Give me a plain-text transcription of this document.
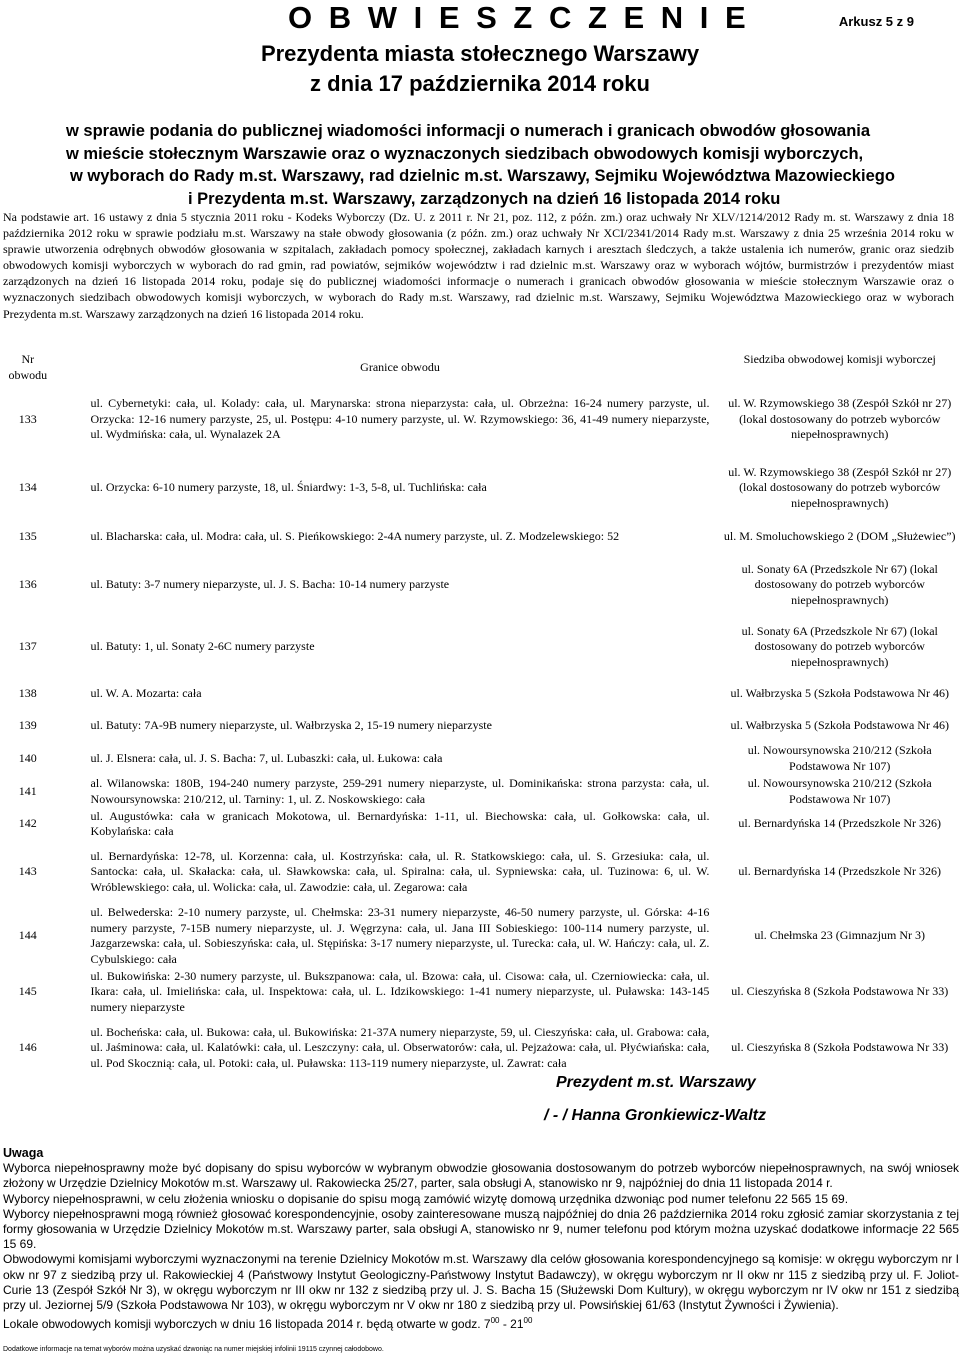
O B W I E S Z C Z E N I E	Arkusz 5 z 9
Prezydenta miasta stołecznego Warszawy
z dnia 17 października 2014 roku
w sprawie podania do publicznej wiadomości informacji o numerach i granicach obwodów głosowania
w mieście stołecznym Warszawie oraz o wyznaczonych siedzibach obwodowych komisji wyborczych,
w wyborach do Rady m.st. Warszawy, rad dzielnic m.st. Warszawy, Sejmiku Województwa Mazowieckiego
i Prezydenta m.st. Warszawy, zarządzonych na dzień 16 listopada 2014 roku
Na podstawie art. 16 ustawy z dnia 5 stycznia 2011 roku - Kodeks Wyborczy (Dz. U. z 2011 r. Nr 21, poz. 112, z późn. zm.) oraz uchwały Nr XLV/1214/2012 Rady m. st. Warszawy z dnia 18 października 2012 roku w sprawie podziału m.st. Warszawy na stałe obwody głosowania (z późn. zm.) oraz uchwały Nr XCI/2341/2014 Rady m.st. Warszawy z dnia 25 września 2014 roku w sprawie utworzenia odrębnych obwodów głosowania w szpitalach, zakładach pomocy społecznej, zakładach karnych i aresztach śledczych, a także ustalenia ich numerów, granic oraz siedzib obwodowych komisji wyborczych w wyborach do rad gmin, rad powiatów, sejmików województw i rad dzielnic m.st. Warszawy oraz w wyborach wójtów, burmistrzów i prezydentów miast zarządzonych na dzień 16 listopada 2014 roku, podaje się do publicznej wiadomości informacje o numerach i granicach obwodów głosowania w mieście stołecznym Warszawie oraz o wyznaczonych siedzibach obwodowych komisji wyborczych, w wyborach do Rady m.st. Warszawy, rad dzielnic m.st. Warszawy, Sejmiku Województwa Mazowieckiego oraz w wyborach Prezydenta m.st. Warszawy zarządzonych na dzień 16 listopada 2014 roku.
Nr obwodu	Granice obwodu	Siedziba obwodowej komisji wyborczej
133	ul. Cybernetyki: cała, ul. Kolady: cała, ul. Marynarska: strona nieparzysta: cała, ul. Obrzeżna: 16-24 numery parzyste, ul. Orzycka: 12-16 numery parzyste, 25, ul. Postępu: 4-10 numery parzyste, ul. W. Rzymowskiego: 36, 41-49 numery nieparzyste, ul. Wydmińska: cała, ul. Wynalazek 2A	ul. W. Rzymowskiego 38 (Zespół Szkół nr 27) (lokal dostosowany do potrzeb wyborców niepełnosprawnych)
134	ul. Orzycka: 6-10 numery parzyste, 18, ul. Śniardwy: 1-3, 5-8, ul. Tuchlińska: cała	ul. W. Rzymowskiego 38 (Zespół Szkół nr 27) (lokal dostosowany do potrzeb wyborców niepełnosprawnych)
135	ul. Blacharska: cała, ul. Modra: cała, ul. S. Pieńkowskiego: 2-4A numery parzyste, ul. Z. Modzelewskiego: 52	ul. M. Smoluchowskiego 2 (DOM „Służewiec”)
136	ul. Batuty: 3-7 numery nieparzyste, ul. J. S. Bacha: 10-14 numery parzyste	ul. Sonaty 6A (Przedszkole Nr 67) (lokal dostosowany do potrzeb wyborców niepełnosprawnych)
137	ul. Batuty: 1, ul. Sonaty 2-6C numery parzyste	ul. Sonaty 6A (Przedszkole Nr 67) (lokal dostosowany do potrzeb wyborców niepełnosprawnych)
138	ul. W. A. Mozarta: cała	ul. Wałbrzyska 5 (Szkoła Podstawowa Nr 46)
139	ul. Batuty: 7A-9B numery nieparzyste, ul. Wałbrzyska 2, 15-19 numery nieparzyste	ul. Wałbrzyska 5 (Szkoła Podstawowa Nr 46)
140	ul. J. Elsnera: cała, ul. J. S. Bacha: 7, ul. Lubaszki: cała, ul. Łukowa: cała	ul. Nowoursynowska 210/212 (Szkoła Podstawowa Nr 107)
141	al. Wilanowska: 180B, 194-240 numery parzyste, 259-291 numery nieparzyste, ul. Dominikańska: strona parzysta: cała, ul. Nowoursynowska: 210/212, ul. Tarniny: 1, ul. Z. Noskowskiego: cała	ul. Nowoursynowska 210/212 (Szkoła Podstawowa Nr 107)
142	ul. Augustówka: cała w granicach Mokotowa, ul. Bernardyńska: 1-11, ul. Biechowska: cała, ul. Gołkowska: cała, ul. Kobylańska: cała	ul. Bernardyńska 14 (Przedszkole Nr 326)
143	ul. Bernardyńska: 12-78, ul. Korzenna: cała, ul. Kostrzyńska: cała, ul. R. Statkowskiego: cała, ul. S. Grzesiuka: cała, ul. Santocka: cała, ul. Skałacka: cała, ul. Sławkowska: cała, ul. Spiralna: cała, ul. Sypniewska: cała, ul. Tuzinowa: 6, ul. W. Wróblewskiego: cała, ul. Wolicka: cała, ul. Zawodzie: cała, ul. Zegarowa: cała	ul. Bernardyńska 14 (Przedszkole Nr 326)
144	ul. Belwederska: 2-10 numery parzyste, ul. Chełmska: 23-31 numery nieparzyste, 46-50 numery parzyste, ul. Górska: 4-16 numery parzyste, 7-15B numery nieparzyste, ul. J. Węgrzyna: cała, ul. Jana III Sobieskiego: 100-114 numery parzyste, ul. Jazgarzewska: cała, ul. Sobieszyńska: cała, ul. Stępińska: 3-17 numery nieparzyste, ul. Turecka: cała, ul. W. Hańczy: cała, ul. Z. Cybulskiego: cała	ul. Chełmska 23 (Gimnazjum Nr 3)
145	ul. Bukowińska: 2-30 numery parzyste, ul. Bukszpanowa: cała, ul. Bzowa: cała, ul. Cisowa: cała, ul. Czerniowiecka: cała, ul. Ikara: cała, ul. Imielińska: cała, ul. Inspektowa: cała, ul. L. Idzikowskiego: 1-41 numery nieparzyste, ul. Puławska: 143-145 numery nieparzyste	ul. Cieszyńska 8 (Szkoła Podstawowa Nr 33)
146	ul. Bocheńska: cała, ul. Bukowa: cała, ul. Bukowińska: 21-37A numery nieparzyste, 59, ul. Cieszyńska: cała, ul. Grabowa: cała, ul. Jaśminowa: cała, ul. Kalatówki: cała, ul. Leszczyny: cała, ul. Obserwatorów: cała, ul. Pejzażowa: cała, ul. Płyćwiańska: cała, ul. Pod Skocznią: cała, ul. Potoki: cała, ul. Puławska: 113-119 numery nieparzyste, ul. Zawrat: cała	ul. Cieszyńska 8 (Szkoła Podstawowa Nr 33)
Prezydent m.st. Warszawy
/ - / Hanna Gronkiewicz-Waltz
Uwaga

Wyborca niepełnosprawny może być dopisany do spisu wyborców w wybranym obwodzie głosowania dostosowanym do potrzeb wyborców niepełnosprawnych, na swój wniosek złożony w Urzędzie Dzielnicy Mokotów m.st. Warszawy ul. Rakowiecka 25/27, parter, sala obsługi A, stanowisko nr 9, najpóźniej do dnia 11 listopada 2014 r.

Wyborcy niepełnosprawni, w celu złożenia wniosku o dopisanie do spisu mogą zamówić wizytę domową urzędnika dzwoniąc pod numer telefonu 22 565 15 69.

Wyborcy niepełnosprawni mogą również głosować korespondencyjnie, osoby zainteresowane muszą najpóźniej do dnia 26 października 2014 roku zgłosić zamiar skorzystania z tej formy głosowania w Urzędzie Dzielnicy Mokotów m.st. Warszawy parter, sala obsługi A, stanowisko nr 9, numer telefonu pod którym można uzyskać dodatkowe informacje 22 565 15 69.

Obwodowymi komisjami wyborczymi wyznaczonymi na terenie Dzielnicy Mokotów m.st. Warszawy dla celów głosowania korespondencyjnego są komisje: w okręgu wyborczym nr I okw nr 97 z siedzibą przy ul. Rakowieckiej 4 (Państwowy Instytut Geologiczny-Państwowy Instytut Badawczy), w okręgu wyborczym nr II okw nr 115 z siedzibą przy ul. F. Joliot-Curie 13 (Zespół Szkół Nr 3), w okręgu wyborczym nr III okw nr 132 z siedzibą przy ul. J. S. Bacha 15 (Służewski Dom Kultury), w okręgu wyborczym nr IV okw nr 151 z siedzibą przy ul. Jeziornej 5/9 (Szkoła Podstawowa Nr 103), w okręgu wyborczym nr V okw nr 180 z siedzibą przy ul. Powsińskiej 61/63 (Instytut Żywności i Żywienia).

Lokale obwodowych komisji wyborczych w dniu 16 listopada 2014 r. będą otwarte w godz. $7^{00} - 21^{00}$

Dodatkowe informacje na temat wyborów można uzyskać dzwoniąc na numer miejskiej infolinii 19115 czynnej całodobowo.
